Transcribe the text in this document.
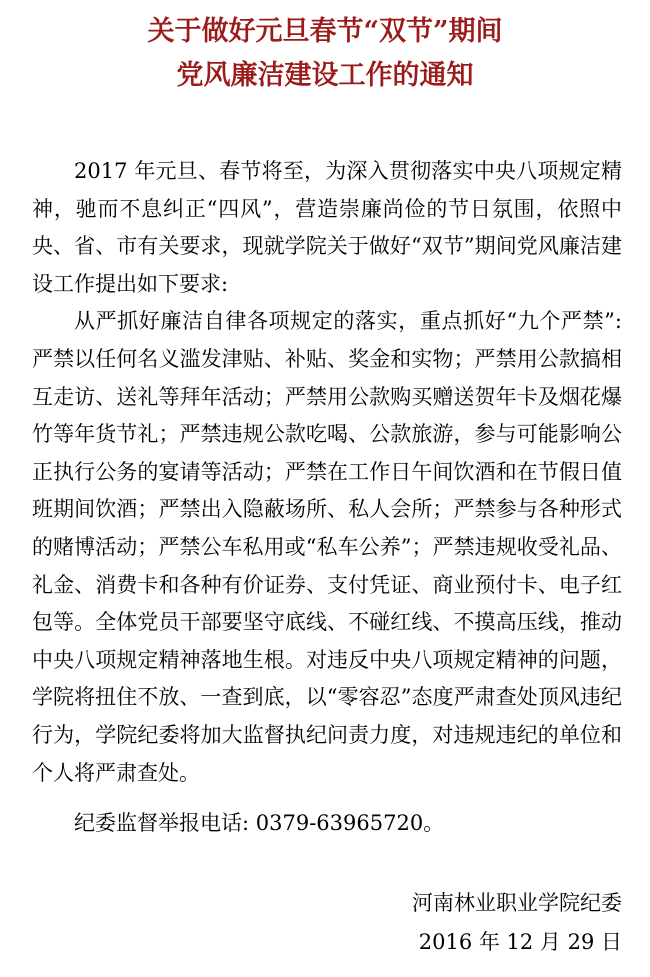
关于做好元旦春节“双节”期间
党风廉洁建设工作的通知

2017 年元旦、春节将至，为深入贯彻落实中央八项规定精神，驰而不息纠正“四风”，营造崇廉尚俭的节日氛围，依照中央、省、市有关要求，现就学院关于做好“双节”期间党风廉洁建设工作提出如下要求:

从严抓好廉洁自律各项规定的落实，重点抓好“九个严禁”:严禁以任何名义滥发津贴、补贴、奖金和实物；严禁用公款搞相互走访、送礼等拜年活动；严禁用公款购买赠送贺年卡及烟花爆竹等年货节礼；严禁违规公款吃喝、公款旅游，参与可能影响公正执行公务的宴请等活动；严禁在工作日午间饮酒和在节假日值班期间饮酒；严禁出入隐蔽场所、私人会所；严禁参与各种形式的赌博活动；严禁公车私用或“私车公养”；严禁违规收受礼品、礼金、消费卡和各种有价证券、支付凭证、商业预付卡、电子红包等。全体党员干部要坚守底线、不碰红线、不摸高压线，推动中央八项规定精神落地生根。对违反中央八项规定精神的问题，学院将扭住不放、一查到底，以“零容忍”态度严肃查处顶风违纪行为，学院纪委将加大监督执纪问责力度，对违规违纪的单位和个人将严肃查处。

纪委监督举报电话: 0379-63965720。
河南林业职业学院纪委
2016 年 12 月 29 日
